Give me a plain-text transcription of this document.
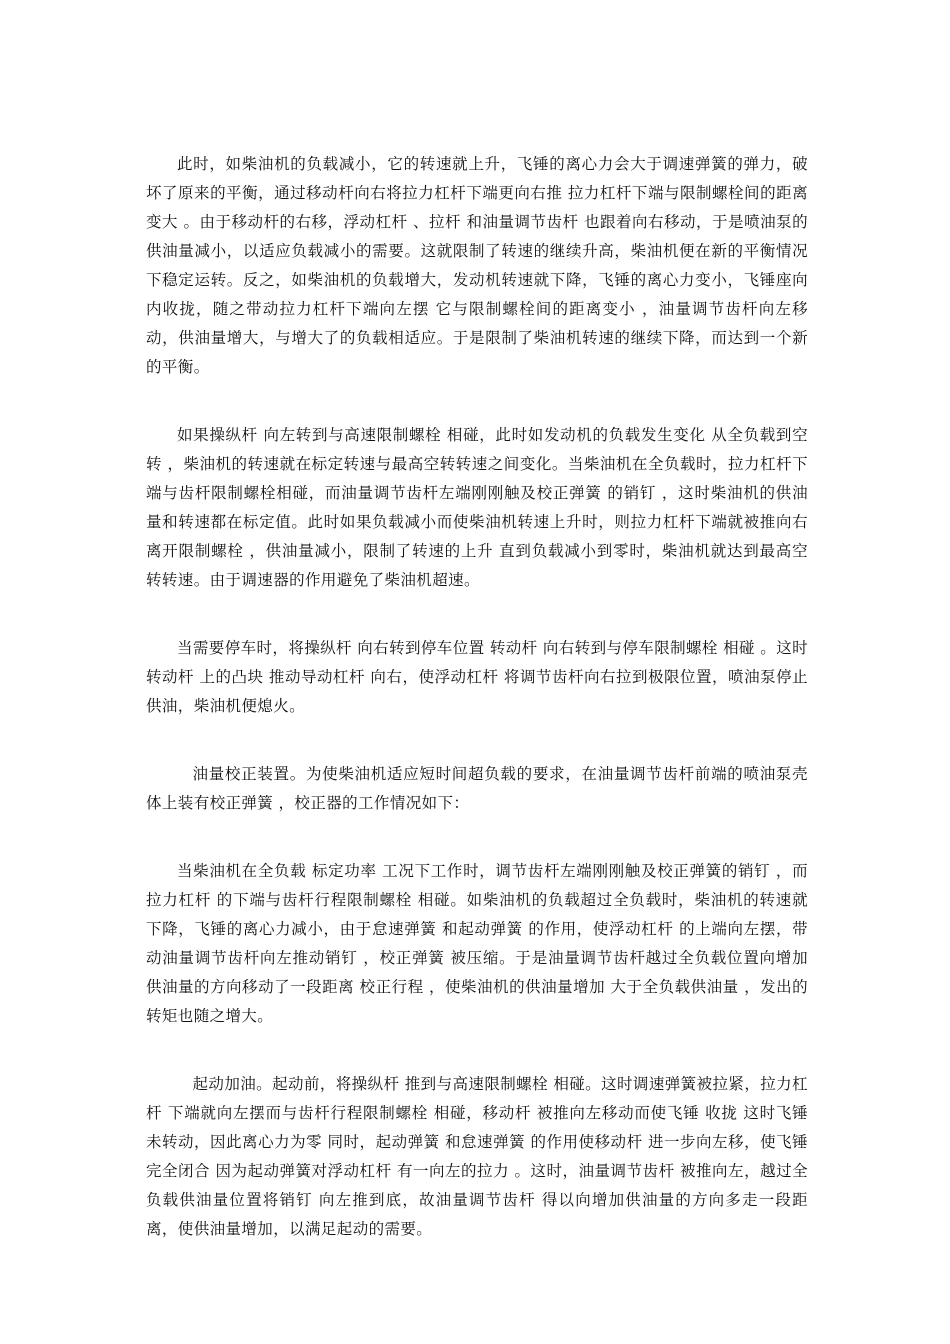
此时，如柴油机的负载减小，它的转速就上升，飞锤的离心力会大于调速弹簧的弹力，破坏了原来的平衡，通过移动杆向右将拉力杠杆下端更向右推 拉力杠杆下端与限制螺栓间的距离变大 。由于移动杆的右移，浮动杠杆 、拉杆 和油量调节齿杆 也跟着向右移动，于是喷油泵的供油量减小，以适应负载减小的需要。这就限制了转速的继续升高，柴油机便在新的平衡情况下稳定运转。反之，如柴油机的负载增大，发动机转速就下降，飞锤的离心力变小，飞锤座向内收拢，随之带动拉力杠杆下端向左摆 它与限制螺栓间的距离变小 ，油量调节齿杆向左移动，供油量增大，与增大了的负载相适应。于是限制了柴油机转速的继续下降，而达到一个新的平衡。

如果操纵杆 向左转到与高速限制螺栓 相碰，此时如发动机的负载发生变化 从全负载到空转 ，柴油机的转速就在标定转速与最高空转转速之间变化。当柴油机在全负载时，拉力杠杆下端与齿杆限制螺栓相碰，而油量调节齿杆左端刚刚触及校正弹簧 的销钉 ，这时柴油机的供油量和转速都在标定值。此时如果负载减小而使柴油机转速上升时，则拉力杠杆下端就被推向右 离开限制螺栓 ，供油量减小，限制了转速的上升 直到负载减小到零时，柴油机就达到最高空转转速。由于调速器的作用避免了柴油机超速。

当需要停车时，将操纵杆 向右转到停车位置 转动杆 向右转到与停车限制螺栓 相碰 。这时转动杆 上的凸块 推动导动杠杆 向右，使浮动杠杆 将调节齿杆向右拉到极限位置，喷油泵停止供油，柴油机便熄火。

油量校正装置。为使柴油机适应短时间超负载的要求，在油量调节齿杆前端的喷油泵壳体上装有校正弹簧 ，校正器的工作情况如下：

当柴油机在全负载 标定功率 工况下工作时，调节齿杆左端刚刚触及校正弹簧的销钉 ，而拉力杠杆 的下端与齿杆行程限制螺栓 相碰。如柴油机的负载超过全负载时，柴油机的转速就下降，飞锤的离心力减小，由于怠速弹簧 和起动弹簧 的作用，使浮动杠杆 的上端向左摆，带动油量调节齿杆向左推动销钉 ，校正弹簧 被压缩。于是油量调节齿杆越过全负载位置向增加供油量的方向移动了一段距离 校正行程 ，使柴油机的供油量增加 大于全负载供油量 ，发出的转矩也随之增大。

起动加油。起动前，将操纵杆 推到与高速限制螺栓 相碰。这时调速弹簧被拉紧，拉力杠杆 下端就向左摆而与齿杆行程限制螺栓 相碰，移动杆 被推向左移动而使飞锤 收拢 这时飞锤 未转动，因此离心力为零 同时，起动弹簧 和怠速弹簧 的作用使移动杆 进一步向左移，使飞锤 完全闭合 因为起动弹簧对浮动杠杆 有一向左的拉力 。这时，油量调节齿杆 被推向左，越过全负载供油量位置将销钉 向左推到底，故油量调节齿杆 得以向增加供油量的方向多走一段距离，使供油量增加，以满足起动的需要。
